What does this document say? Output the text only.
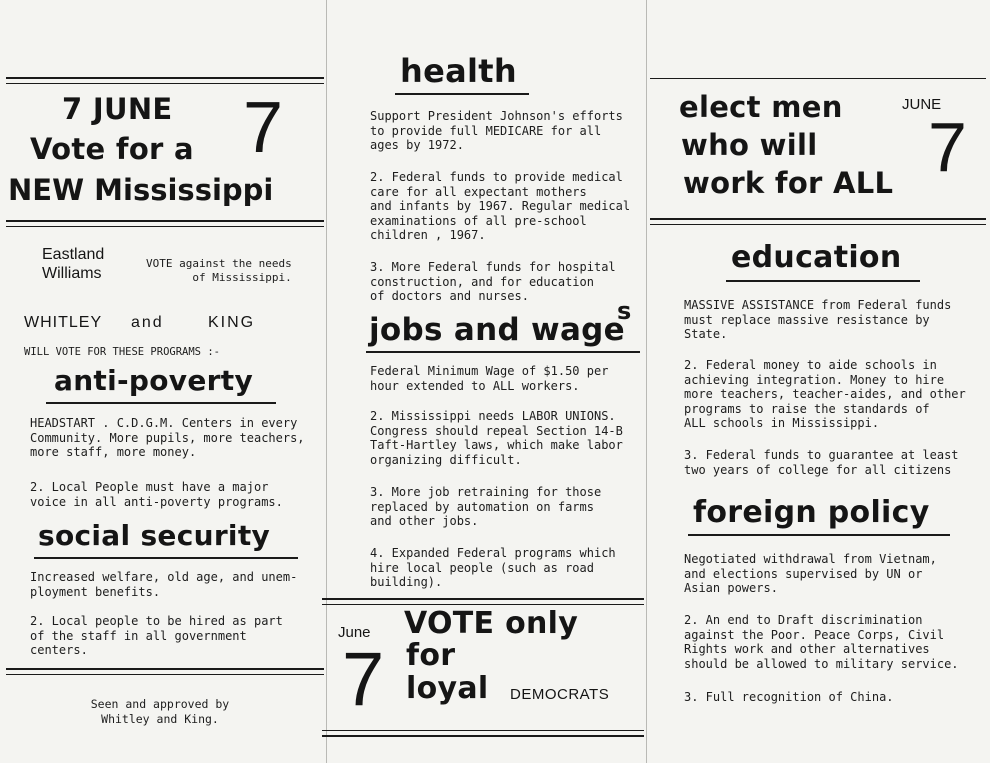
7 JUNE
Vote for a
NEW Mississippi
7
Eastland
Williams
VOTE against the needs
of Mississippi.
WHITLEY and	KING
WILL VOTE FOR THESE PROGRAMS :-
anti-poverty
HEADSTART . C.D.G.M. Centers in every
Community. More pupils, more teachers,
more staff, more money.
2. Local People must have a major
voice in all anti-poverty programs.
social security
Increased welfare, old age, and unem-
ployment benefits.
2. Local people to be hired as part
of the staff in all government
centers.
Seen and approved by
Whitley and King.
health
Support President Johnson's efforts
to provide full MEDICARE for all
ages by 1972.
2. Federal funds to provide medical
care for all expectant mothers
and infants by 1967. Regular medical
examinations of all pre-school
children , 1967.
3. More Federal funds for hospital
construction, and for education
of doctors and nurses.
jobs and wage
s
Federal Minimum Wage of $1.50 per
hour extended to ALL workers.
2. Mississippi needs LABOR UNIONS.
Congress should repeal Section 14-B
Taft-Hartley laws, which make labor
organizing difficult.
3. More job retraining for those
replaced by automation on farms
and other jobs.
4. Expanded Federal programs which
hire local people (such as road
building).
June
7
VOTE only
for
loyal DEMOCRATS
elect men
who will
work for ALL
JUNE
7
education
MASSIVE ASSISTANCE from Federal funds
must replace massive resistance by
State.
2. Federal money to aide schools in
achieving integration. Money to hire
more teachers, teacher-aides, and other
programs to raise the standards of
ALL schools in Mississippi.
3. Federal funds to guarantee at least
two years of college for all citizens
foreign policy
Negotiated withdrawal from Vietnam,
and elections supervised by UN or
Asian powers.
2. An end to Draft discrimination
against the Poor. Peace Corps, Civil
Rights work and other alternatives
should be allowed to military service.
3. Full recognition of China.
